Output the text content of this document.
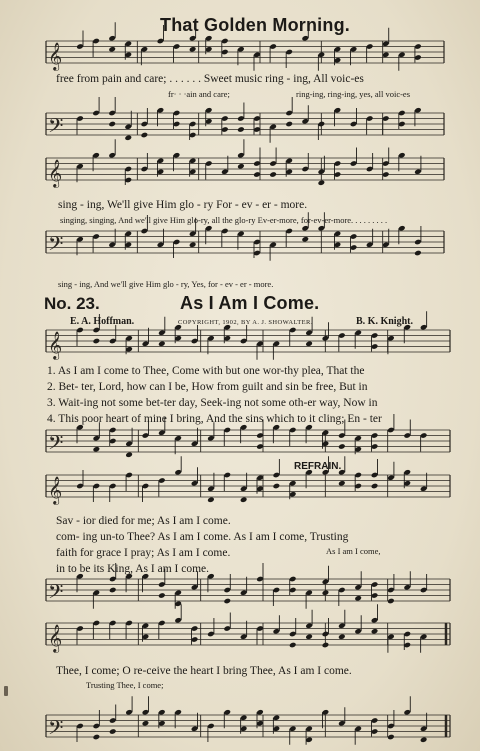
𝄞
𝄢
𝄞
𝄢
𝄞
𝄢
𝄞
𝄢
𝄞
𝄢
That Golden Morning.
free from pain and care; . . . . . . Sweet music ring - ing, All voic-es
fr· · ·ain and care;	ring-ing, ring-ing, yes, all voic-es
sing - ing, We'll give Him glo - ry For - ev - er - more.
singing, singing, And we'll give Him glo-ry, all the glo-ry Ev-er-more, for-ev-er-more. . . . . . . . .
sing - ing, And we'll give Him glo - ry, Yes, for - ev - er - more.
No. 23.	As I Am I Come.
E. A. Hoffman.	COPYRIGHT, 1902, BY A. J. SHOWALTER.	B. K. Knight.
1. As I am I come to Thee, Come with but one wor-thy plea, That the
2. Bet- ter, Lord, how can I be, How from guilt and sin be free, But in
3. Wait-ing not some bet-ter day, Seek-ing not some oth-er way, Now in
4. This poor heart of mine I bring, And the sins which to it cling; En - ter
REFRAIN.
Sav - ior died for me; As I am I come.
com- ing un-to Thee? As I am I come. As I am I come, Trusting
faith for grace I pray; As I am I come.	As I am I come,
in to be its King, As I am I come.
Thee, I come; O re-ceive the heart I bring Thee, As I am I come.
Trusting Thee, I come;
